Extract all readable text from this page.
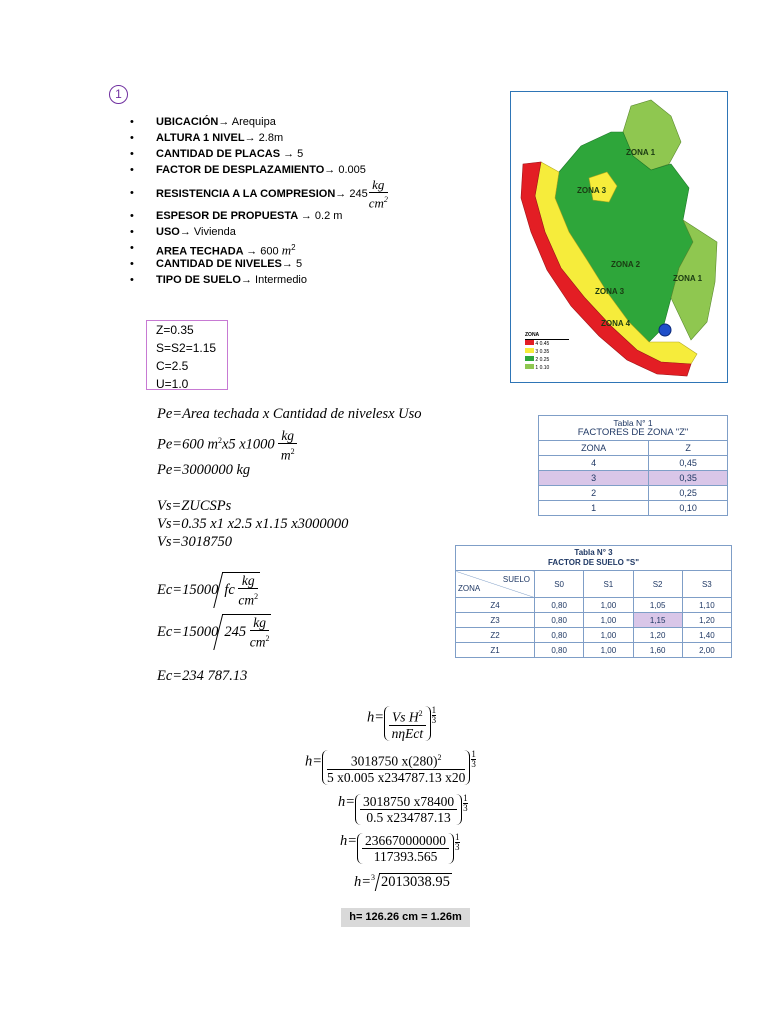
1
• UBICACIÓN→ Arequipa
• ALTURA 1 NIVEL→ 2.8m
• CANTIDAD DE PLACAS → 5
• FACTOR DE DESPLAZAMIENTO→ 0.005
• RESISTENCIA A LA COMPRESION→ $245 \frac{kg}{cm^2}$
• ESPESOR DE PROPUESTA → 0.2 m
• USO→ Vivienda
• AREA TECHADA → 600 $m^2$
• CANTIDAD DE NIVELES→ 5
• TIPO DE SUELO→ Intermedio
Z=0.35
S=S2=1.15
C=2.5
U=1.0
Pe=Area techada x Cantidad de nivelesx Uso
Pe=600 $m^2x5$ $x1000 \frac{kg}{m^2}$
Pe=3000000 kg
Vs=ZUCSPs
Vs=0.35 x1 x2.5 x1.15 x3000000
Vs=3018750
Ec=15000 fc
$\frac{kg}{cm^2}$
Ec=15000 245
$\frac{kg}{cm^2}$
Ec=234 787.13
h= Vs $H^2$
nηEct
$\frac{1}{3}$
$h= \frac{3018750 x(280)^2}{5 x0.005 x234787.13 x20} \frac{1}{3}$
$h= \frac{3018750 x78400}{0.5 x234787.13} \frac{1}{3}$
$h= \frac{236670000000}{117393.565} \frac{1}{3}$
h=$^3$ 2013038.95
h= 126.26 cm = 1.26m
ZONA 1
ZONA 3
ZONA 2
ZONA 1
ZONA 3
ZONA 4
ZONA
4 0.45
3 0.35
2 0.25
1 0.10
Tabla N° 1
FACTORES DE ZONA "Z"	
ZONA	Z
4	0,45
3	0,35
2	0,25
1	0,10
Tabla N° 3
FACTOR DE SUELO "S"				

SUELO
ZONA	S0	S1	S2	S3
Z4	0,80	1,00	1,05	1,10
Z3	0,80	1,00	1,15	1,20
Z2	0,80	1,00	1,20	1,40
Z1	0,80	1,00	1,60	2,00
